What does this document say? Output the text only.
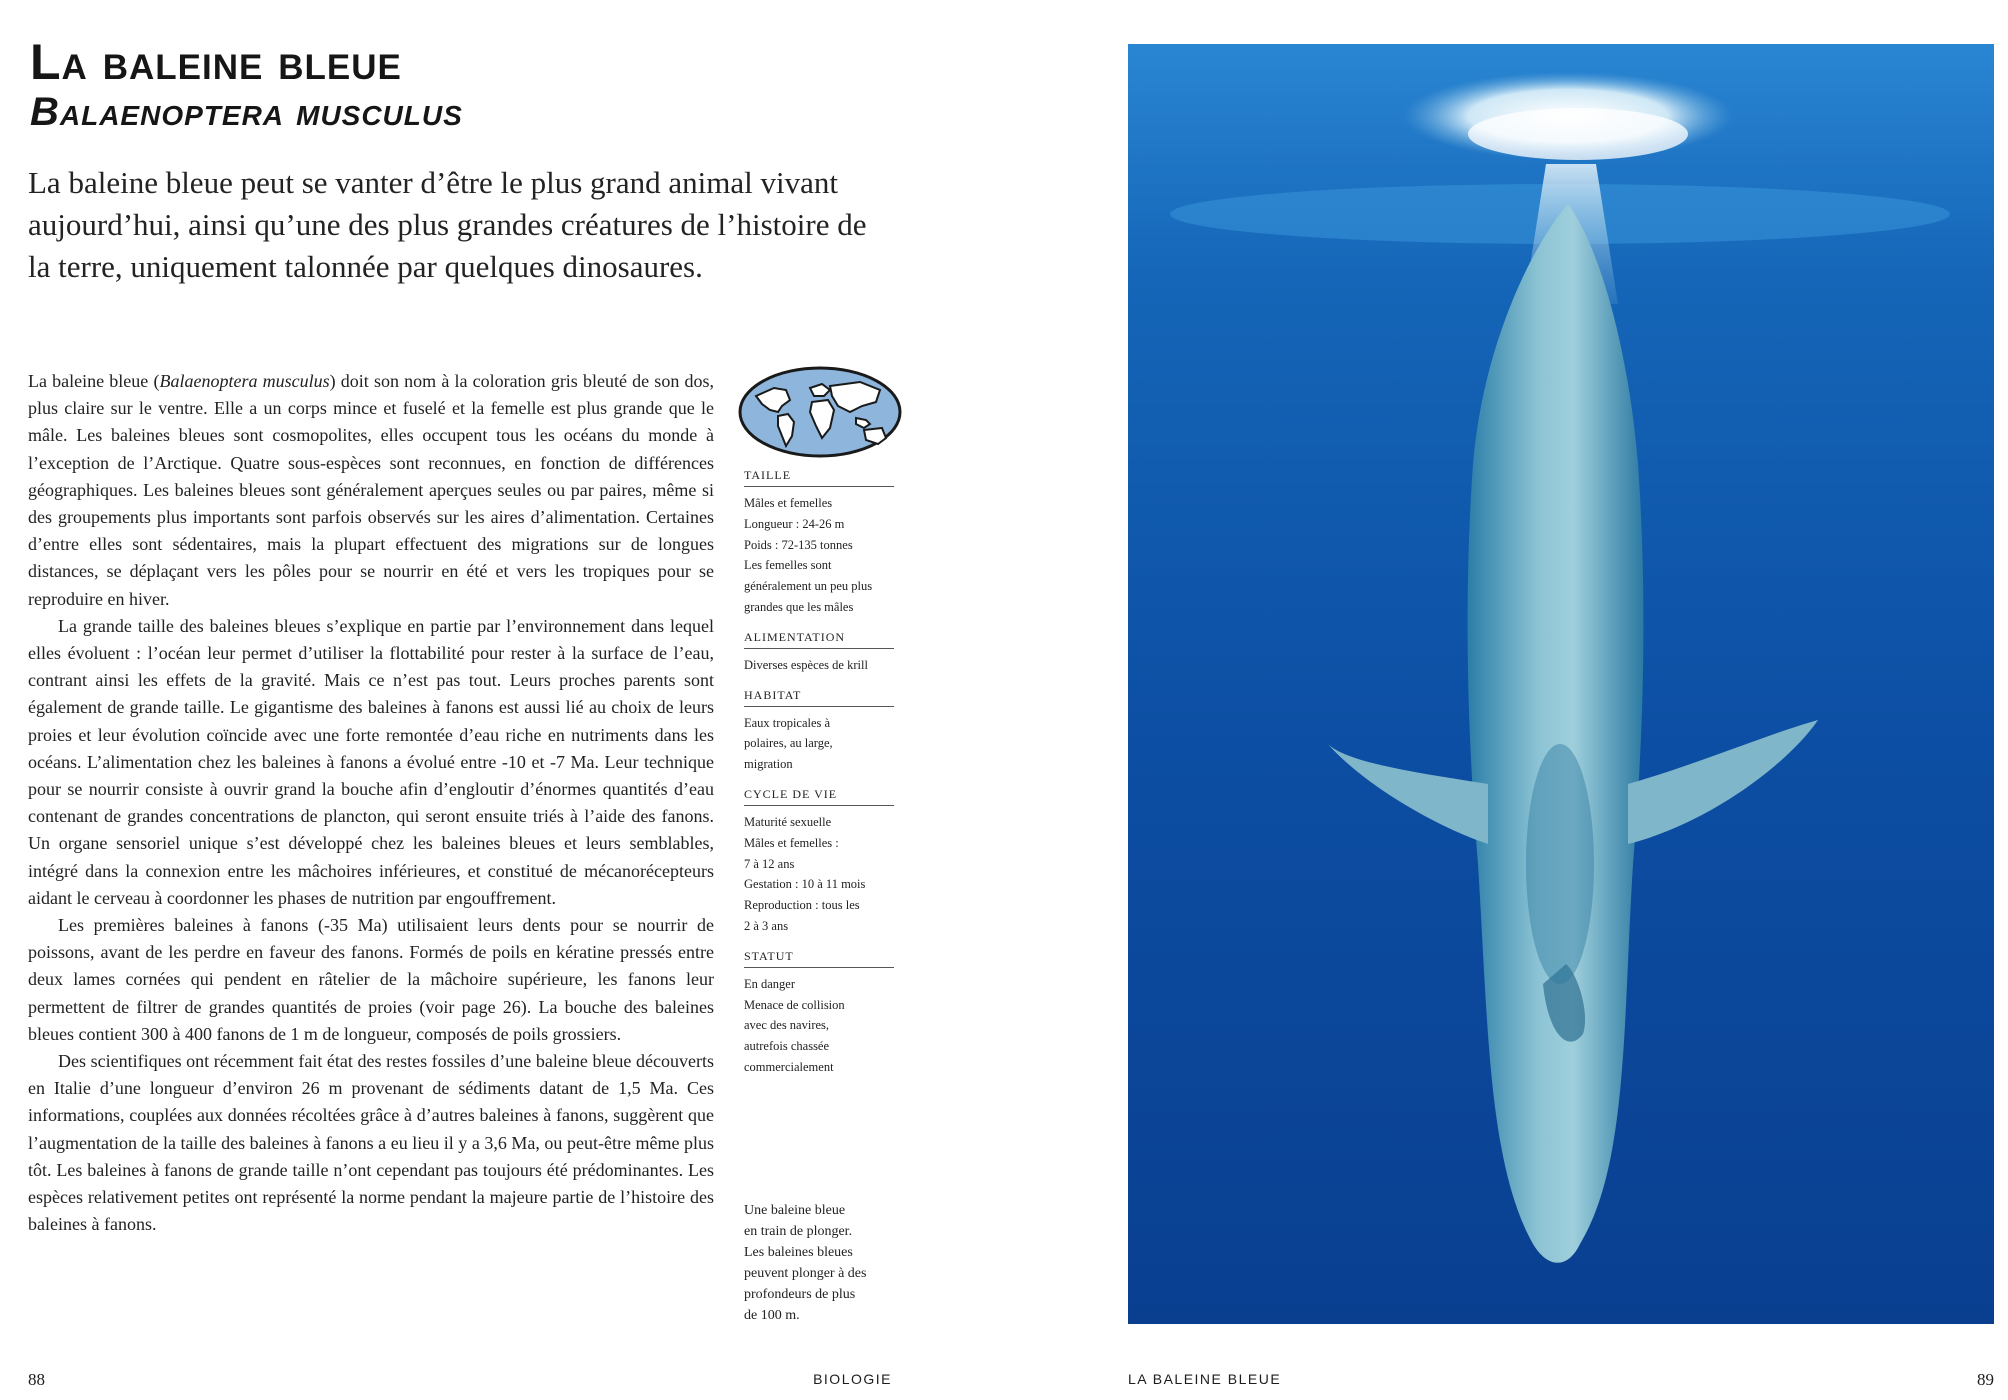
La baleine bleue
Balaenoptera musculus

La baleine bleue peut se vanter d’être le plus grand animal vivant aujourd’hui, ainsi qu’une des plus grandes créatures de l’histoire de la terre, uniquement talonnée par quelques dinosaures.

La baleine bleue (Balaenoptera musculus) doit son nom à la coloration gris bleuté de son dos, plus claire sur le ventre. Elle a un corps mince et fuselé et la femelle est plus grande que le mâle. Les baleines bleues sont cosmopolites, elles occupent tous les océans du monde à l’exception de l’Arctique. Quatre sous-espèces sont reconnues, en fonction de différences géographiques. Les baleines bleues sont généralement aperçues seules ou par paires, même si des groupements plus importants sont parfois observés sur les aires d’alimentation. Certaines d’entre elles sont sédentaires, mais la plupart effectuent des migrations sur de longues distances, se déplaçant vers les pôles pour se nourrir en été et vers les tropiques pour se reproduire en hiver.

La grande taille des baleines bleues s’explique en partie par l’environnement dans lequel elles évoluent : l’océan leur permet d’utiliser la flottabilité pour rester à la surface de l’eau, contrant ainsi les effets de la gravité. Mais ce n’est pas tout. Leurs proches parents sont également de grande taille. Le gigantisme des baleines à fanons est aussi lié au choix de leurs proies et leur évolution coïncide avec une forte remontée d’eau riche en nutriments dans les océans. L’alimentation chez les baleines à fanons a évolué entre -10 et -7 Ma. Leur technique pour se nourrir consiste à ouvrir grand la bouche afin d’engloutir d’énormes quantités d’eau contenant de grandes concentrations de plancton, qui seront ensuite triés à l’aide des fanons. Un organe sensoriel unique s’est développé chez les baleines bleues et leurs semblables, intégré dans la connexion entre les mâchoires inférieures, et constitué de mécanorécepteurs aidant le cerveau à coordonner les phases de nutrition par engouffrement.

Les premières baleines à fanons (-35 Ma) utilisaient leurs dents pour se nourrir de poissons, avant de les perdre en faveur des fanons. Formés de poils en kératine pressés entre deux lames cornées qui pendent en râtelier de la mâchoire supérieure, les fanons leur permettent de filtrer de grandes quantités de proies (voir page 26). La bouche des baleines bleues contient 300 à 400 fanons de 1 m de longueur, composés de poils grossiers.

Des scientifiques ont récemment fait état des restes fossiles d’une baleine bleue découverts en Italie d’une longueur d’environ 26 m provenant de sédiments datant de 1,5 Ma. Ces informations, couplées aux données récoltées grâce à d’autres baleines à fanons, suggèrent que l’augmentation de la taille des baleines à fanons a eu lieu il y a 3,6 Ma, ou peut-être même plus tôt. Les baleines à fanons de grande taille n’ont cependant pas toujours été prédominantes. Les espèces relativement petites ont représenté la norme pendant la majeure partie de l’histoire des baleines à fanons.

TAILLE
Mâles et femelles
Longueur : 24-26 m
Poids : 72-135 tonnes
Les femelles sont
généralement un peu plus
grandes que les mâles
ALIMENTATION
Diverses espèces de krill
HABITAT
Eaux tropicales à
polaires, au large,
migration
CYCLE DE VIE
Maturité sexuelle
Mâles et femelles :
7 à 12 ans
Gestation : 10 à 11 mois
Reproduction : tous les
2 à 3 ans
STATUT
En danger
Menace de collision
avec des navires,
autrefois chassée
commercialement
Une baleine bleue
en train de plonger.
Les baleines bleues
peuvent plonger à des
profondeurs de plus
de 100 m.
88	BIOLOGIE	LA BALEINE BLEUE	89
